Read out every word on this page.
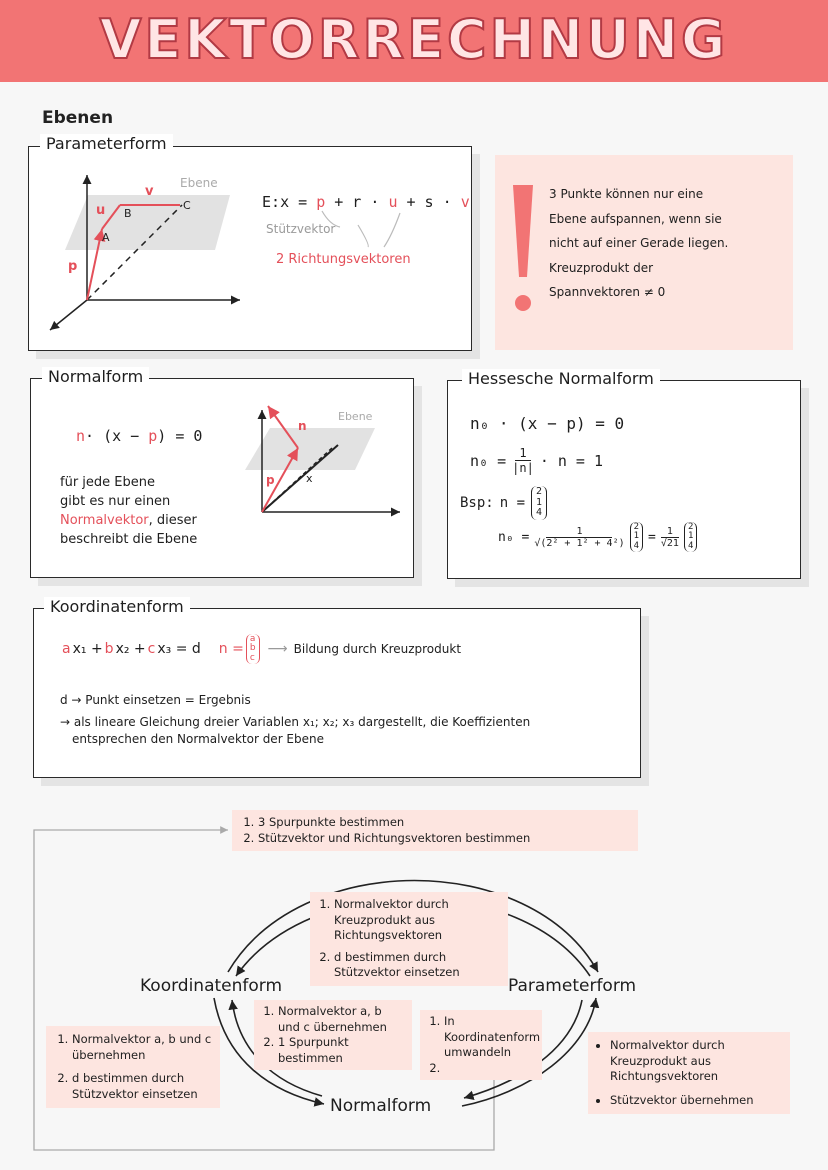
VEKTORRECHNUNG
Ebenen
Parameterform
Ebene
v
u
p
A
B
C	E:x = p + r · u + s · v
Stützvektor
2 Richtungsvektoren
3 Punkte können nur eine
Ebene aufspannen, wenn sie
nicht auf einer Gerade liegen.
Kreuzprodukt der
Spannvektoren ≠ 0
Normalform
n· (x − p) = 0
für jede Ebene
gibt es nur einen
Normalvektor, dieser
beschreibt die Ebene
Ebene
n
p	x
Hessesche Normalform
n₀ · (x − p) = 0
$n_0 = \frac{1}{|n|} \cdot n = 1$
Bsp: n =
2
1
4
$n_0 = \frac{1}{\text{√(2² + 1² + 4²)}} 2$
1
4
= $\frac{1}{√21} 2$
1
4
Koordinatenform
a x₁ + b x₂ + c x₃ = d n =
a
b
c
⟶ Bildung durch Kreuzprodukt
d → Punkt einsetzen = Ergebnis
→ als lineare Gleichung dreier Variablen x₁; x₂; x₃ dargestellt, die Koeffizienten
entsprechen den Normalvektor der Ebene
1. 3 Spurpunkte bestimmen
2. Stützvektor und Richtungsvektoren bestimmen
1. Normalvektor durch Kreuzprodukt aus Richtungsvektoren
2. d bestimmen durch Stützvektor einsetzen
Koordinatenform	Parameterform
Normalform
1. Normalvektor a, b und c übernehmen
2. 1 Spurpunkt bestimmen
1. In Koordinatenform umwandeln
2.
1. Normalvektor a, b und c übernehmen
2. d bestimmen durch Stützvektor einsetzen
• Normalvektor durch Kreuzprodukt aus Richtungsvektoren
• Stützvektor übernehmen
